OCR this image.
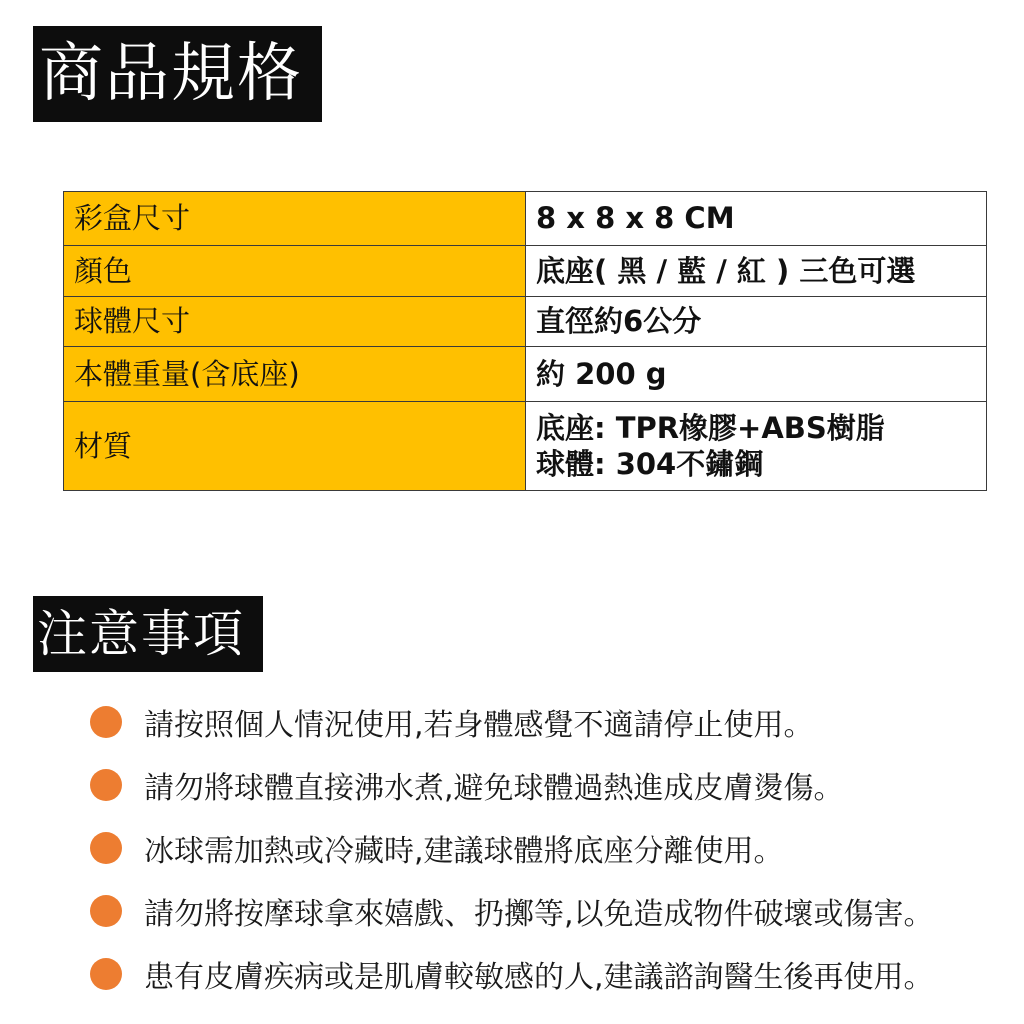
商品規格
彩盒尺寸	8 x 8 x 8 CM

顏色	底座( 黑 / 藍 / 紅 ) 三色可選

球體尺寸	直徑約6公分

本體重量(含底座)	約 200 g

材質	底座: TPR橡膠+ABS樹脂
球體: 304不鏽鋼
注意事項
請按照個人情況使用,若身體感覺不適請停止使用。
請勿將球體直接沸水煮,避免球體過熱進成皮膚燙傷。
冰球需加熱或冷藏時,建議球體將底座分離使用。
請勿將按摩球拿來嬉戲、扔擲等,以免造成物件破壞或傷害。
患有皮膚疾病或是肌膚較敏感的人,建議諮詢醫生後再使用。
